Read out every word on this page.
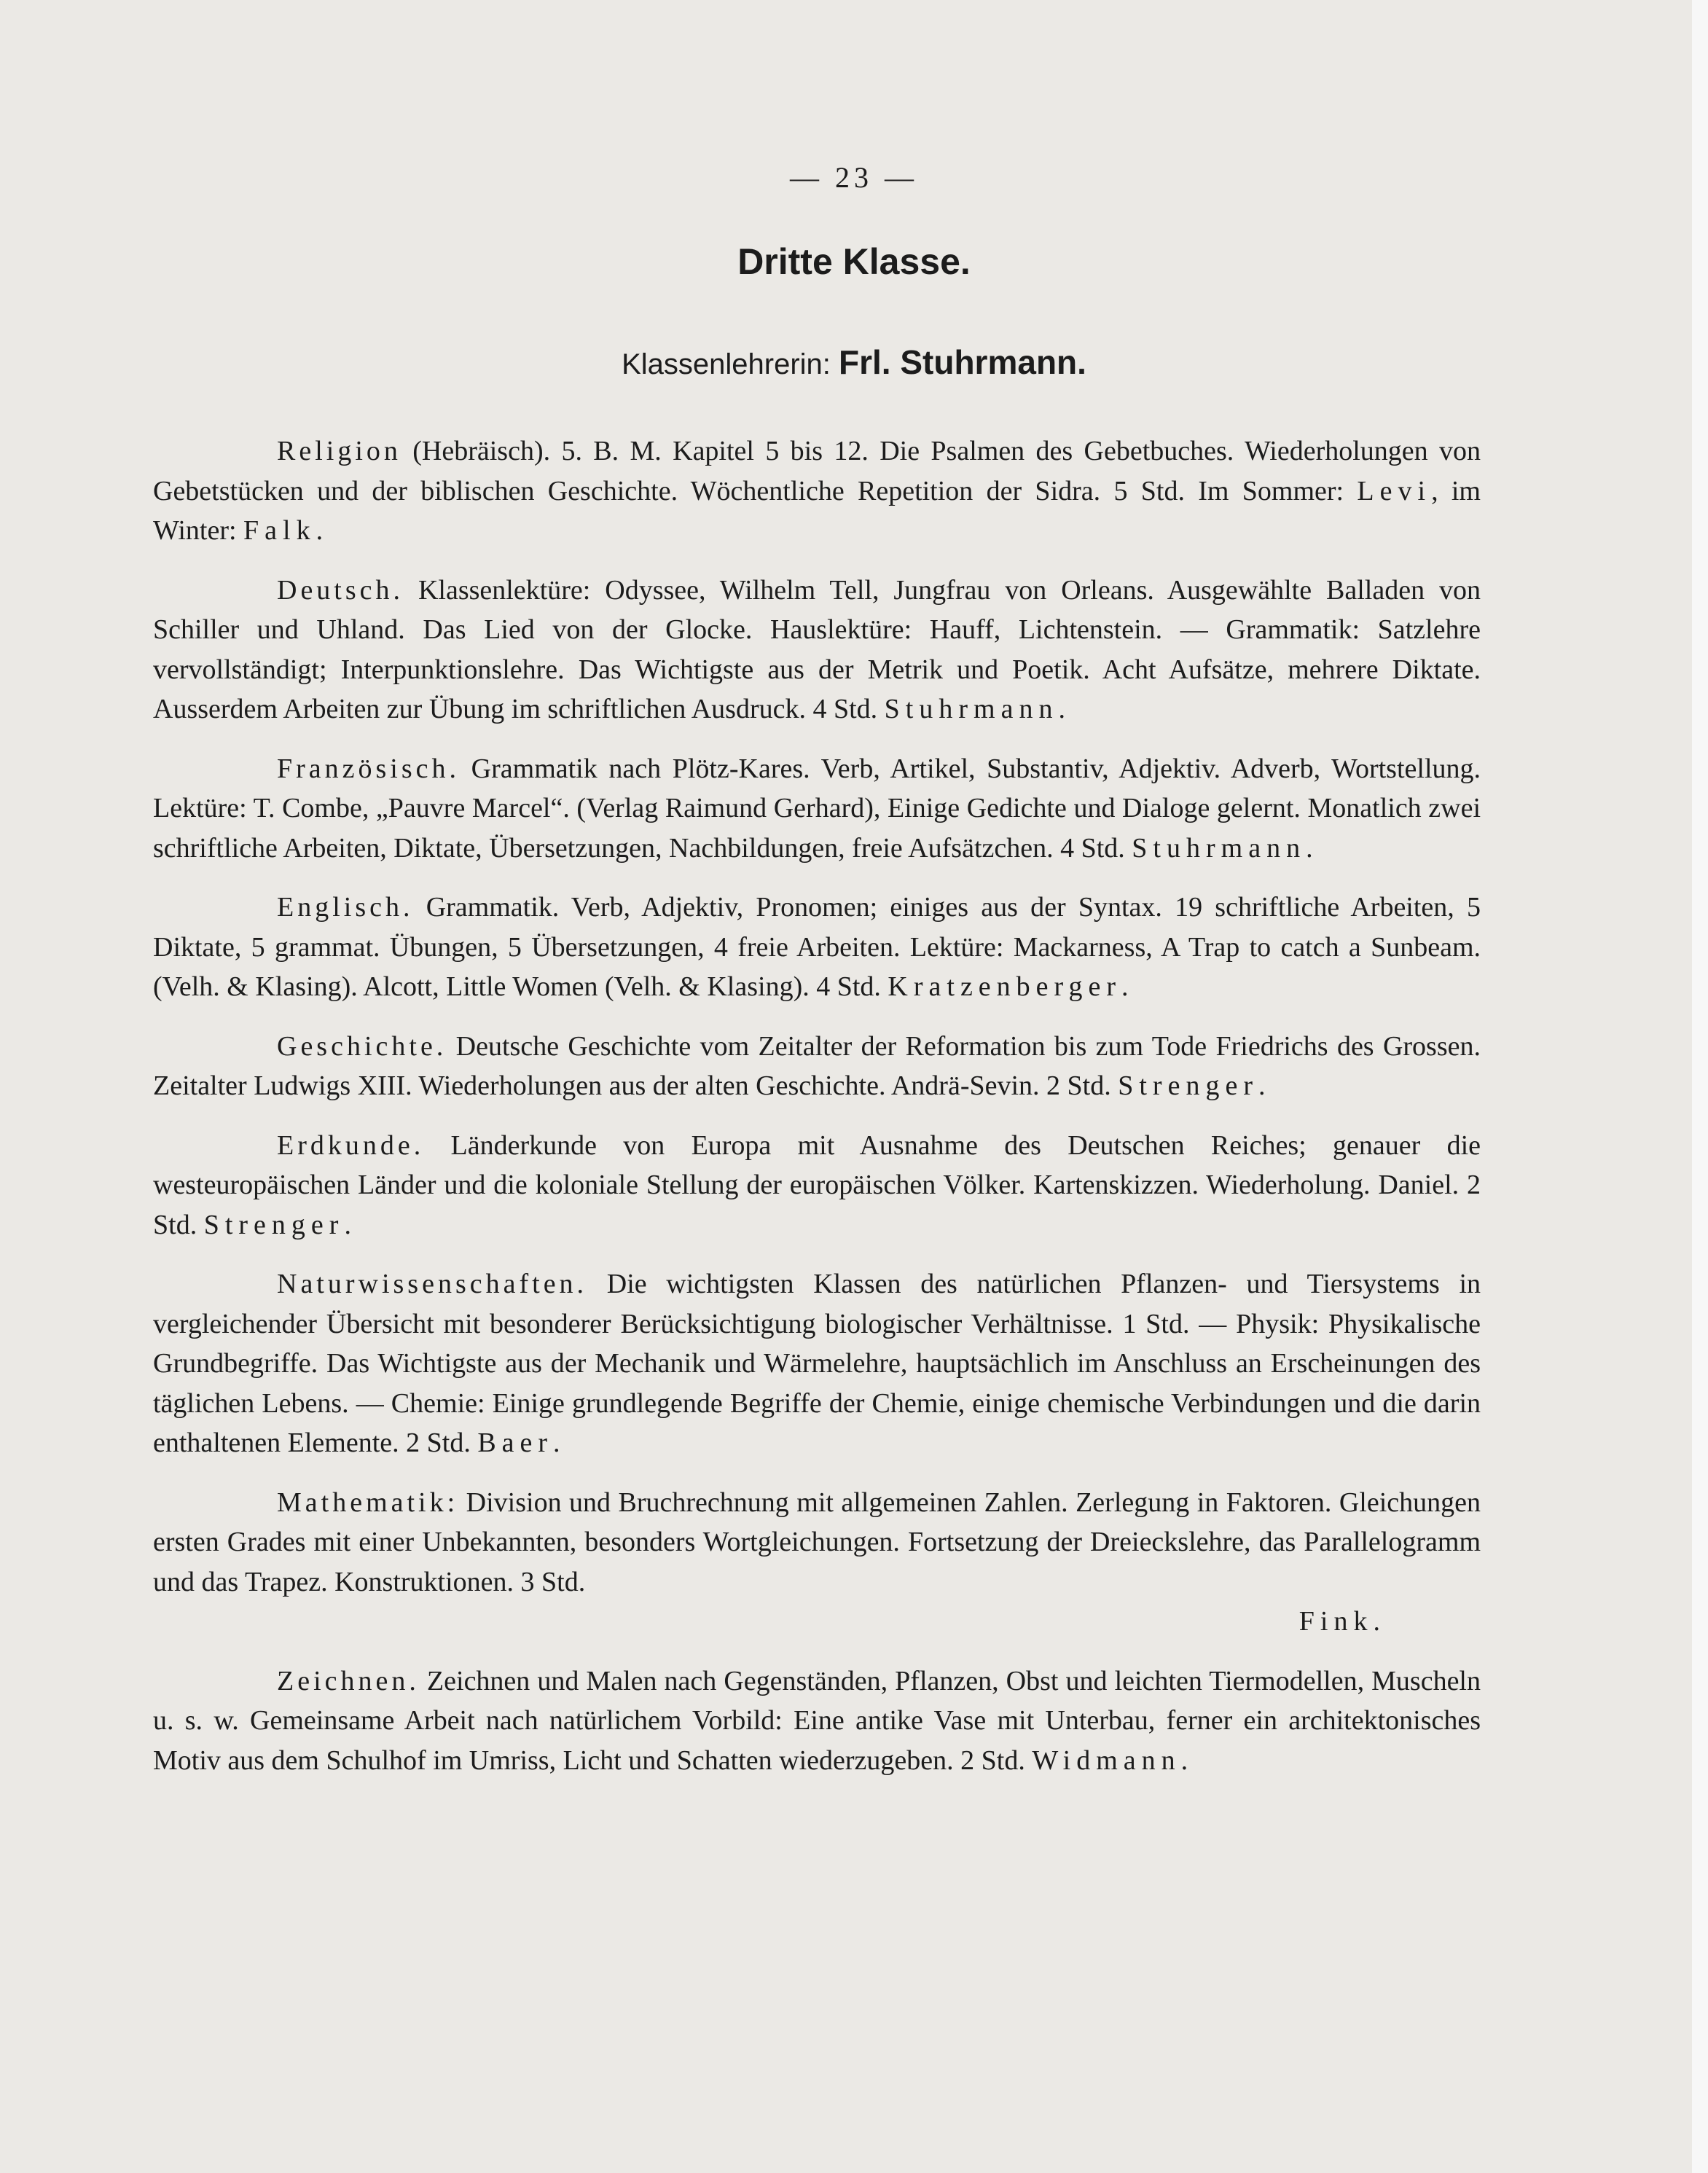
— 23 —
Dritte Klasse.
Klassenlehrerin: Frl. Stuhrmann.

Religion (Hebräisch). 5. B. M. Kapitel 5 bis 12. Die Psalmen des Gebetbuches. Wiederholungen von Gebetstücken und der biblischen Geschichte. Wöchentliche Repetition der Sidra. 5 Std. Im Sommer: Levi, im Winter: Falk.

Deutsch. Klassenlektüre: Odyssee, Wilhelm Tell, Jungfrau von Orleans. Ausgewählte Balladen von Schiller und Uhland. Das Lied von der Glocke. Hauslektüre: Hauff, Lichtenstein. — Grammatik: Satzlehre vervollständigt; Interpunktionslehre. Das Wichtigste aus der Metrik und Poetik. Acht Aufsätze, mehrere Diktate. Ausserdem Arbeiten zur Übung im schriftlichen Ausdruck. 4 Std. Stuhrmann.

Französisch. Grammatik nach Plötz-Kares. Verb, Artikel, Substantiv, Adjektiv. Adverb, Wortstellung. Lektüre: T. Combe, „Pauvre Marcel“. (Verlag Raimund Gerhard), Einige Gedichte und Dialoge gelernt. Monatlich zwei schriftliche Arbeiten, Diktate, Übersetzungen, Nachbildungen, freie Aufsätzchen. 4 Std. Stuhrmann.

Englisch. Grammatik. Verb, Adjektiv, Pronomen; einiges aus der Syntax. 19 schriftliche Arbeiten, 5 Diktate, 5 grammat. Übungen, 5 Übersetzungen, 4 freie Arbeiten. Lektüre: Mackarness, A Trap to catch a Sunbeam. (Velh. & Klasing). Alcott, Little Women (Velh. & Klasing). 4 Std. Kratzenberger.

Geschichte. Deutsche Geschichte vom Zeitalter der Reformation bis zum Tode Friedrichs des Grossen. Zeitalter Ludwigs XIII. Wiederholungen aus der alten Geschichte. Andrä-Sevin. 2 Std. Strenger.

Erdkunde. Länderkunde von Europa mit Ausnahme des Deutschen Reiches; genauer die westeuropäischen Länder und die koloniale Stellung der europäischen Völker. Kartenskizzen. Wiederholung. Daniel. 2 Std. Strenger.

Naturwissenschaften. Die wichtigsten Klassen des natürlichen Pflanzen- und Tiersystems in vergleichender Übersicht mit besonderer Berücksichtigung biologischer Verhältnisse. 1 Std. — Physik: Physikalische Grundbegriffe. Das Wichtigste aus der Mechanik und Wärmelehre, hauptsächlich im Anschluss an Erscheinungen des täglichen Lebens. — Chemie: Einige grundlegende Begriffe der Chemie, einige chemische Verbindungen und die darin enthaltenen Elemente. 2 Std. Baer.

Mathematik: Division und Bruchrechnung mit allgemeinen Zahlen. Zerlegung in Faktoren. Gleichungen ersten Grades mit einer Unbekannten, besonders Wortgleichungen. Fortsetzung der Dreieckslehre, das Parallelogramm und das Trapez. Konstruktionen. 3 Std.

Fink.

Zeichnen. Zeichnen und Malen nach Gegenständen, Pflanzen, Obst und leichten Tiermodellen, Muscheln u. s. w. Gemeinsame Arbeit nach natürlichem Vorbild: Eine antike Vase mit Unterbau, ferner ein architektonisches Motiv aus dem Schulhof im Umriss, Licht und Schatten wiederzugeben. 2 Std. Widmann.
